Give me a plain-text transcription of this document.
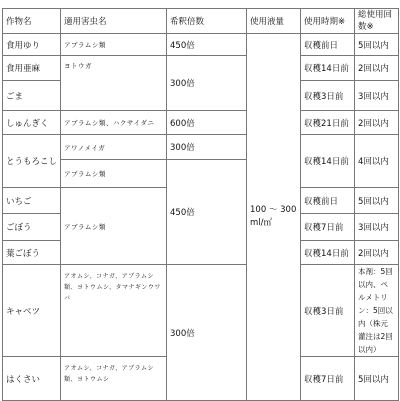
作物名	適用害虫名	希釈倍数	使用液量	使用時期※	総使用回数※
食用ゆり	アブラムシ類	450倍	100 ～ 300 ml/㎡	収穫前日	5回以内
食用亜麻	ヨトウガ	300倍		収穫14日前	2回以内
ごま				収穫3日前	3回以内
しゅんぎく	アブラムシ類、ハクサイダニ	600倍		収穫21日前	2回以内
とうもろこし	アワノメイガ	300倍		収穫14日前	4回以内
	アブラムシ類	450倍			
いちご	アブラムシ類			収穫前日	5回以内
ごぼう				収穫7日前	3回以内
葉ごぼう				収穫14日前	2回以内
キャベツ	アオムシ、コナガ、アブラムシ類、ヨトウムシ、タマナギンウワバ	300倍		収穫3日前	本剤：5回以内、ペルメトリン：5回以内（株元灌注は2回以内）
はくさい	アオムシ、コナガ、アブラムシ類、ヨトウムシ			収穫7日前	5回以内
